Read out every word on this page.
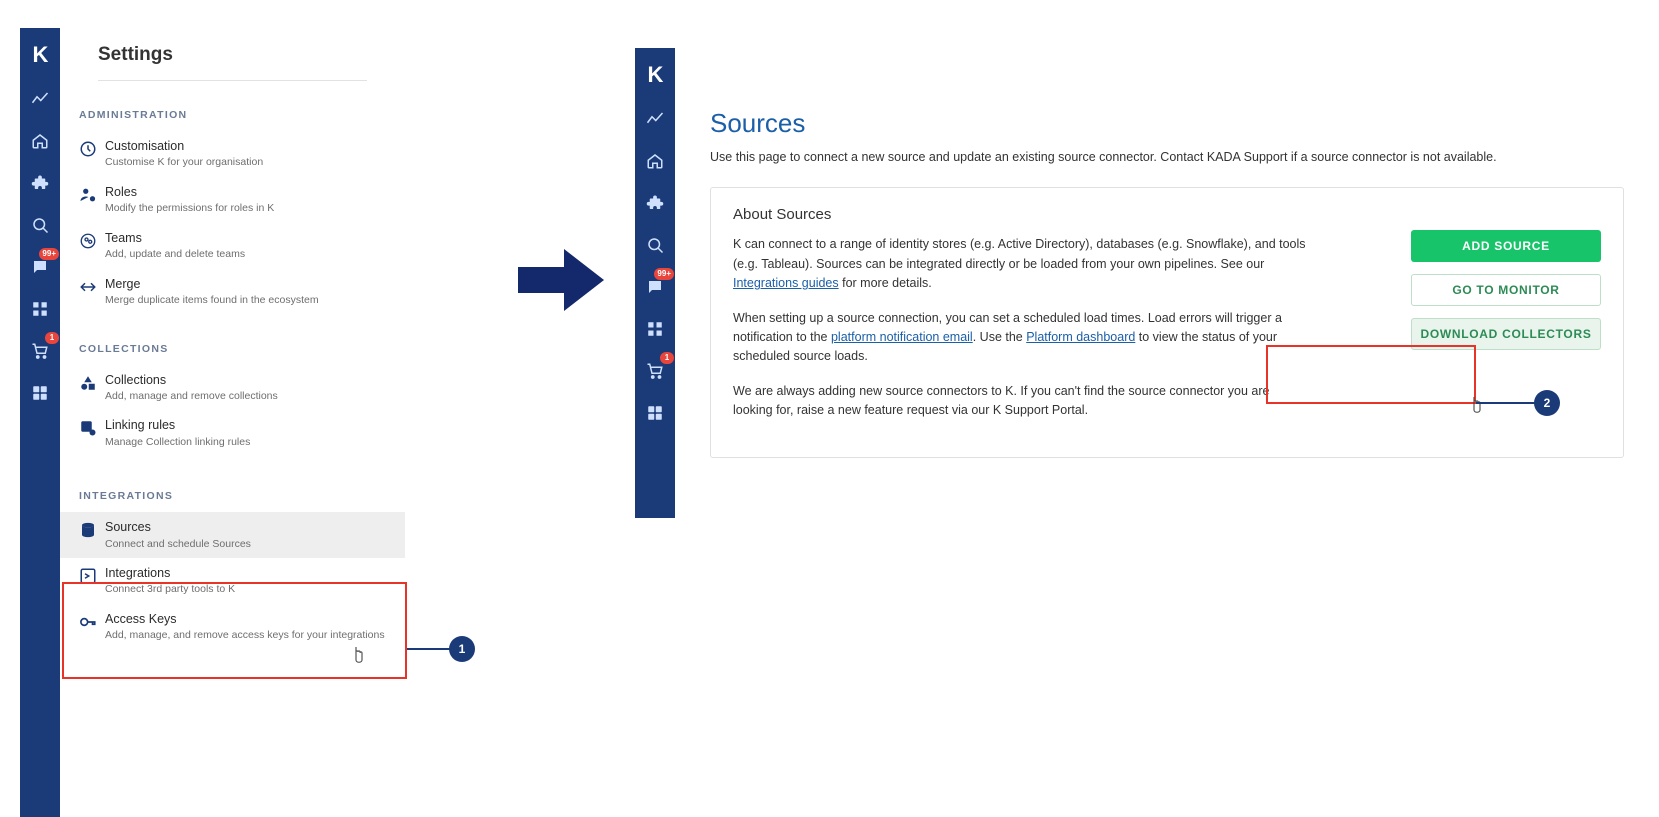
K
99+
1
Settings
ADMINISTRATION
Customisation
Customise K for your organisation
Roles
Modify the permissions for roles in K
Teams
Add, update and delete teams
Merge
Merge duplicate items found in the ecosystem
COLLECTIONS
Collections
Add, manage and remove collections
Linking rules
Manage Collection linking rules
INTEGRATIONS
Sources
Connect and schedule Sources
Integrations
Connect 3rd party tools to K
Access Keys
Add, manage, and remove access keys for your integrations
1
K
99+
1
Sources
Use this page to connect a new source and update an existing source connector. Contact KADA Support if a source connector is not available.
About Sources

K can connect to a range of identity stores (e.g. Active Directory), databases (e.g. Snowflake), and tools (e.g. Tableau). Sources can be integrated directly or be loaded from your own pipelines. See our Integrations guides for more details.

When setting up a source connection, you can set a scheduled load times. Load errors will trigger a notification to the platform notification email. Use the Platform dashboard to view the status of your scheduled source loads.

We are always adding new source connectors to K. If you can't find the source connector you are looking for, raise a new feature request via our K Support Portal.

ADD SOURCE
GO TO MONITOR
DOWNLOAD COLLECTORS
2
